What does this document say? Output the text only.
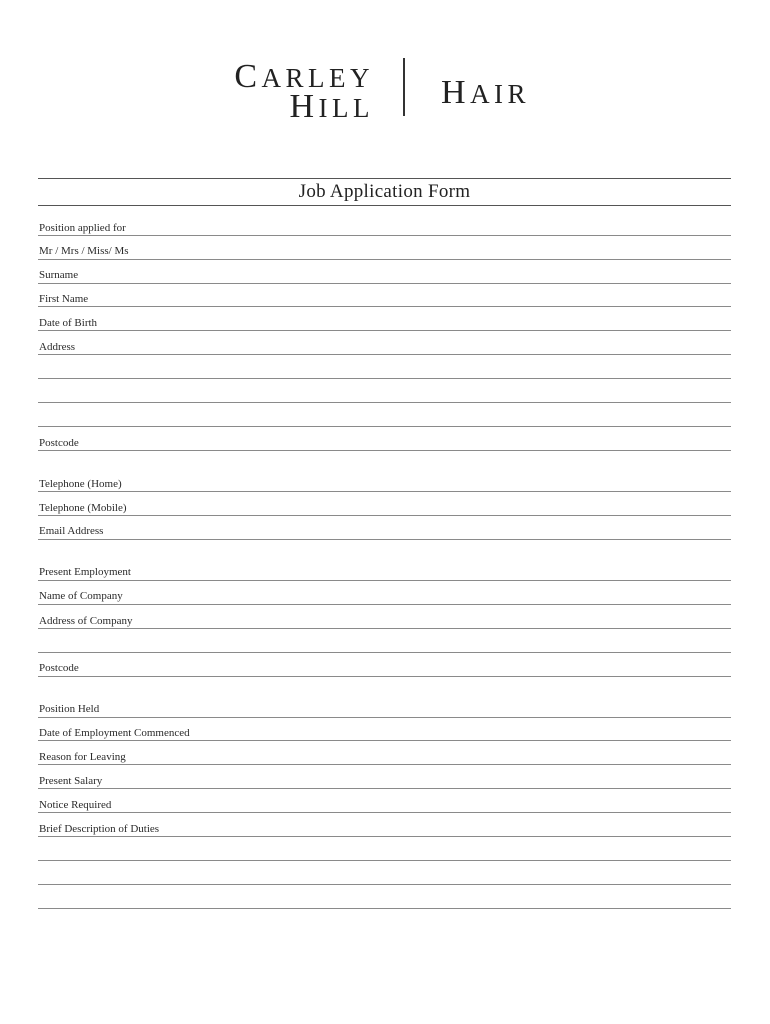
CARLEY
HILL HAIR
Job Application Form
Position applied for
Mr / Mrs / Miss/ Ms
Surname
First Name
Date of Birth
Address
Postcode
Telephone (Home)
Telephone (Mobile)
Email Address
Present Employment
Name of Company
Address of Company
Postcode
Position Held
Date of Employment Commenced
Reason for Leaving
Present Salary
Notice Required
Brief Description of Duties
